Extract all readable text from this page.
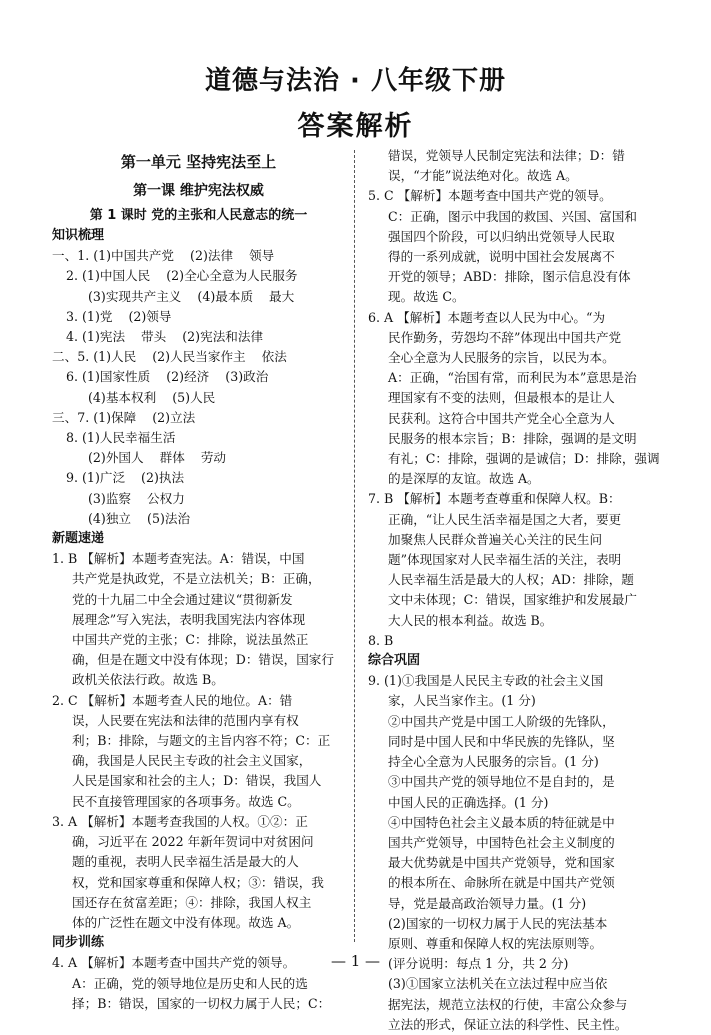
道德与法治 · 八年级下册
答案解析
第一单元 坚持宪法至上
第一课 维护宪法权威
第 1 课时 党的主张和人民意志的统一
知识梳理
一、1. (1)中国共产党    (2)法律    领导
2. (1)中国人民    (2)全心全意为人民服务
(3)实现共产主义    (4)最本质    最大
3. (1)党    (2)领导
4. (1)宪法    带头    (2)宪法和法律
二、5. (1)人民    (2)人民当家作主    依法
6. (1)国家性质    (2)经济    (3)政治
(4)基本权利    (5)人民
三、7. (1)保障    (2)立法
8. (1)人民幸福生活
(2)外国人    群体    劳动
9. (1)广泛    (2)执法
(3)监察    公权力
(4)独立    (5)法治
新题速递
1. B 【解析】本题考查宪法。A：错误，中国
共产党是执政党，不是立法机关；B：正确，
党的十九届二中全会通过建议“贯彻新发
展理念”写入宪法，表明我国宪法内容体现
中国共产党的主张；C：排除，说法虽然正
确，但是在题文中没有体现；D：错误，国家行
政机关依法行政。故选 B。
2. C 【解析】本题考查人民的地位。A：错
误，人民要在宪法和法律的范围内享有权
利；B：排除，与题文的主旨内容不符；C：正
确，我国是人民民主专政的社会主义国家，
人民是国家和社会的主人；D：错误，我国人
民不直接管理国家的各项事务。故选 C。
3. A 【解析】本题考查我国的人权。①②：正
确，习近平在 2022 年新年贺词中对贫困问
题的重视，表明人民幸福生活是最大的人
权，党和国家尊重和保障人权；③：错误，我
国还存在贫富差距；④：排除，我国人权主
体的广泛性在题文中没有体现。故选 A。
同步训练
4. A 【解析】本题考查中国共产党的领导。
A：正确，党的领导地位是历史和人民的选
择；B：错误，国家的一切权力属于人民；C：
错误，党领导人民制定宪法和法律；D：错
误，“才能”说法绝对化。故选 A。
5. C 【解析】本题考查中国共产党的领导。
C：正确，图示中我国的救国、兴国、富国和
强国四个阶段，可以归纳出党领导人民取
得的一系列成就，说明中国社会发展离不
开党的领导；ABD：排除，图示信息没有体
现。故选 C。
6. A 【解析】本题考查以人民为中心。“为
民作勤务，劳怨均不辞”体现出中国共产党
全心全意为人民服务的宗旨，以民为本。
A：正确，“治国有常，而利民为本”意思是治
理国家有不变的法则，但最根本的是让人
民获利。这符合中国共产党全心全意为人
民服务的根本宗旨；B：排除，强调的是文明
有礼；C：排除，强调的是诚信；D：排除，强调
的是深厚的友谊。故选 A。
7. B 【解析】本题考查尊重和保障人权。B：
正确，“让人民生活幸福是国之大者，要更
加聚焦人民群众普遍关心关注的民生问
题”体现国家对人民幸福生活的关注，表明
人民幸福生活是最大的人权；AD：排除，题
文中未体现；C：错误，国家维护和发展最广
大人民的根本利益。故选 B。
8. B
综合巩固
9. (1)①我国是人民民主专政的社会主义国
家，人民当家作主。(1 分)
②中国共产党是中国工人阶级的先锋队，
同时是中国人民和中华民族的先锋队，坚
持全心全意为人民服务的宗旨。(1 分)
③中国共产党的领导地位不是自封的，是
中国人民的正确选择。(1 分)
④中国特色社会主义最本质的特征就是中
国共产党领导，中国特色社会主义制度的
最大优势就是中国共产党领导，党和国家
的根本所在、命脉所在就是中国共产党领
导，党是最高政治领导力量。(1 分)
(2)国家的一切权力属于人民的宪法基本
原则、尊重和保障人权的宪法原则等。
(评分说明：每点 1 分，共 2 分)
(3)①国家立法机关在立法过程中应当依
据宪法，规范立法权的行使，丰富公众参与
立法的形式，保证立法的科学性、民主性。
— 1 —
